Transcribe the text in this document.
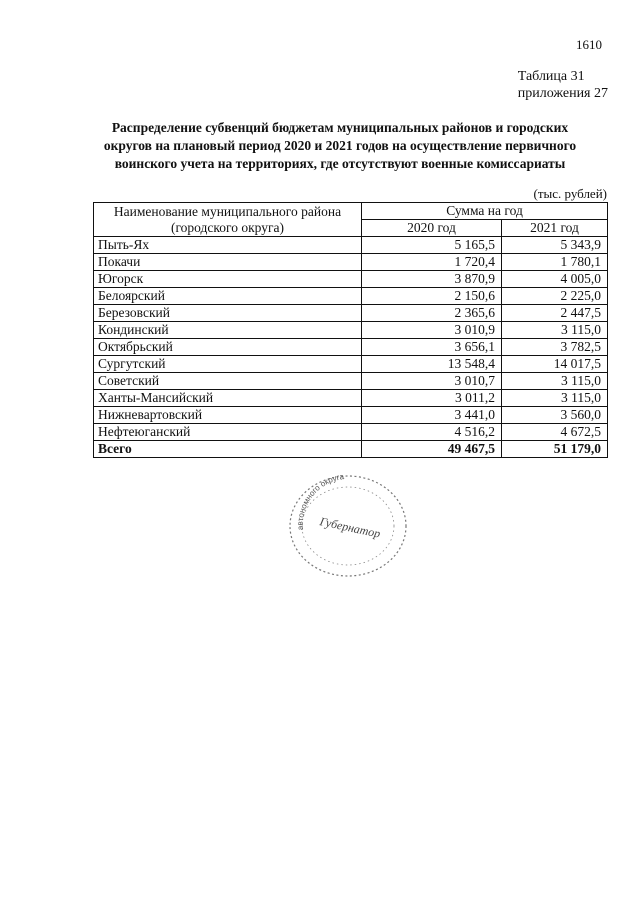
1610
Таблица 31
приложения 27
Распределение субвенций бюджетам муниципальных районов и городских округов на плановый период 2020 и 2021 годов на осуществление первичного воинского учета на территориях, где отсутствуют военные комиссариаты
(тыс. рублей)
Наименование муниципального района
(городского округа)	Сумма на год	
	2020 год	2021 год
Пыть-Ях	5 165,5	5 343,9
Покачи	1 720,4	1 780,1
Югорск	3 870,9	4 005,0
Белоярский	2 150,6	2 225,0
Березовский	2 365,6	2 447,5
Кондинский	3 010,9	3 115,0
Октябрьский	3 656,1	3 782,5
Сургутский	13 548,4	14 017,5
Советский	3 010,7	3 115,0
Ханты-Мансийский	3 011,2	3 115,0
Нижневартовский	3 441,0	3 560,0
Нефтеюганский	4 516,2	4 672,5
Всего	49 467,5	51 179,0
автономного округа
Губернатор
